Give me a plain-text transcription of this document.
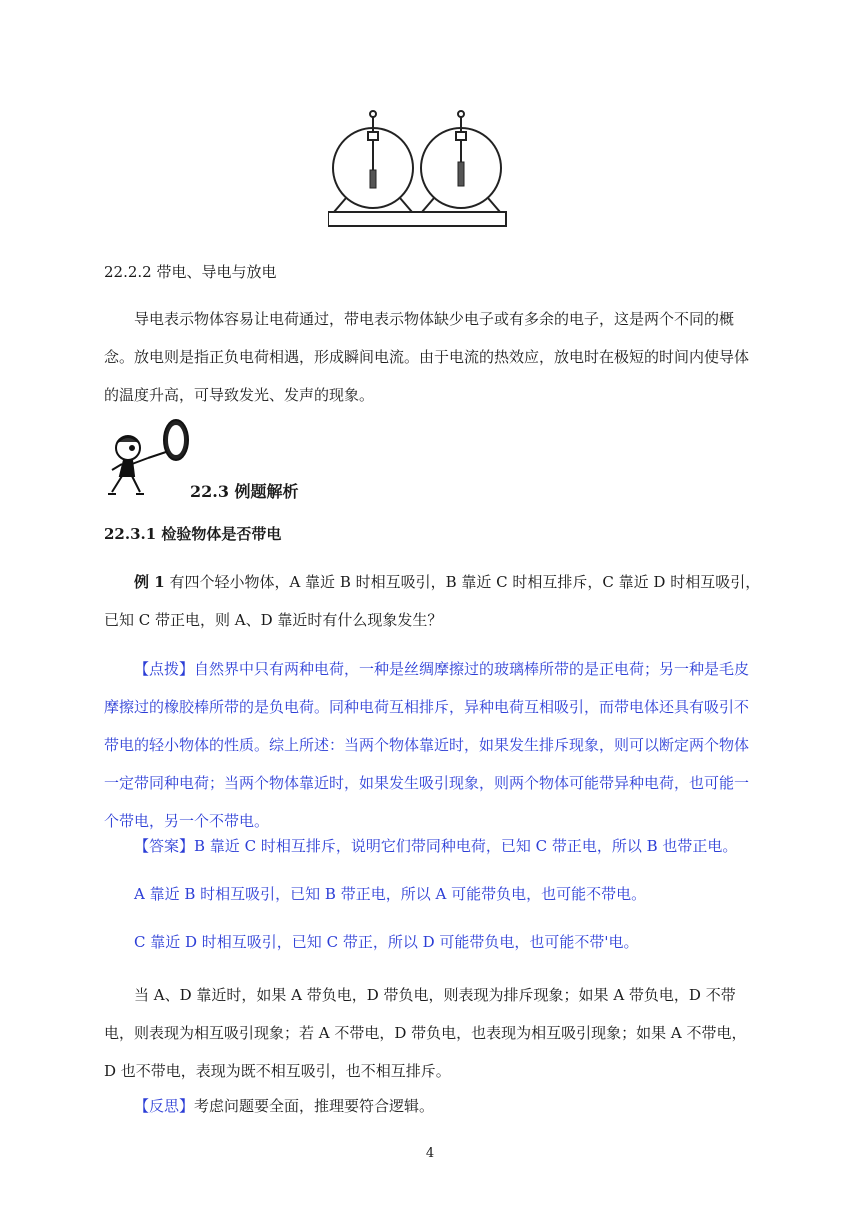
22.2.2 带电、导电与放电
导电表示物体容易让电荷通过，带电表示物体缺少电子或有多余的电子，这是两个不同的概念。放电则是指正负电荷相遇，形成瞬间电流。由于电流的热效应，放电时在极短的时间内使导体的温度升高，可导致发光、发声的现象。
22.3 例题解析
22.3.1 检验物体是否带电
例 1 有四个轻小物体，A 靠近 B 时相互吸引，B 靠近 C 时相互排斥，C 靠近 D 时相互吸引，
已知 C 带正电，则 A、D 靠近时有什么现象发生？
【点拨】自然界中只有两种电荷，一种是丝绸摩擦过的玻璃棒所带的是正电荷；另一种是毛皮摩擦过的橡胶棒所带的是负电荷。同种电荷互相排斥，异种电荷互相吸引，而带电体还具有吸引不带电的轻小物体的性质。综上所述：当两个物体靠近时，如果发生排斥现象，则可以断定两个物体一定带同种电荷；当两个物体靠近时，如果发生吸引现象，则两个物体可能带异种电荷，也可能一个带电，另一个不带电。
【答案】B 靠近 C 时相互排斥，说明它们带同种电荷，已知 C 带正电，所以 B 也带正电。
A 靠近 B 时相互吸引，已知 B 带正电，所以 A 可能带负电，也可能不带电。
C 靠近 D 时相互吸引，已知 C 带正，所以 D 可能带负电，也可能不带'电。
当 A、D 靠近时，如果 A 带负电，D 带负电，则表现为排斥现象；如果 A 带负电，D 不带电，则表现为相互吸引现象；若 A 不带电，D 带负电，也表现为相互吸引现象；如果 A 不带电，D 也不带电，表现为既不相互吸引，也不相互排斥。
【反思】考虑问题要全面，推理要符合逻辑。
4
